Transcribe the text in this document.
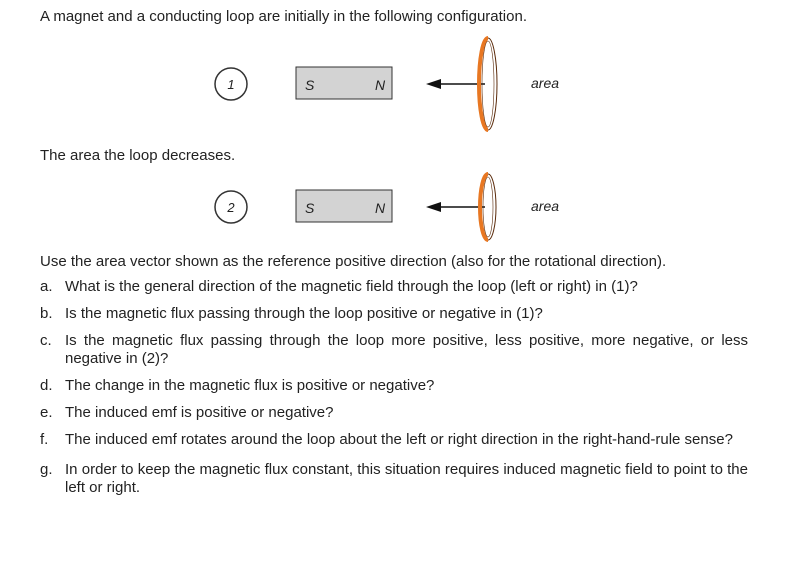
A magnet and a conducting loop are initially in the following configuration.
1	S	N	area
The area the loop decreases.
2	S	N	area
Use the area vector shown as the reference positive direction (also for the rotational direction).
a. What is the general direction of the magnetic field through the loop (left or right) in (1)?
b. Is the magnetic flux passing through the loop positive or negative in (1)?
c. Is the magnetic flux passing through the loop more positive, less positive, more negative, or less negative in (2)?
d. The change in the magnetic flux is positive or negative?
e. The induced emf is positive or negative?
f. The induced emf rotates around the loop about the left or right direction in the right-hand-rule sense?
g. In order to keep the magnetic flux constant, this situation requires induced magnetic field to point to the left or right.
